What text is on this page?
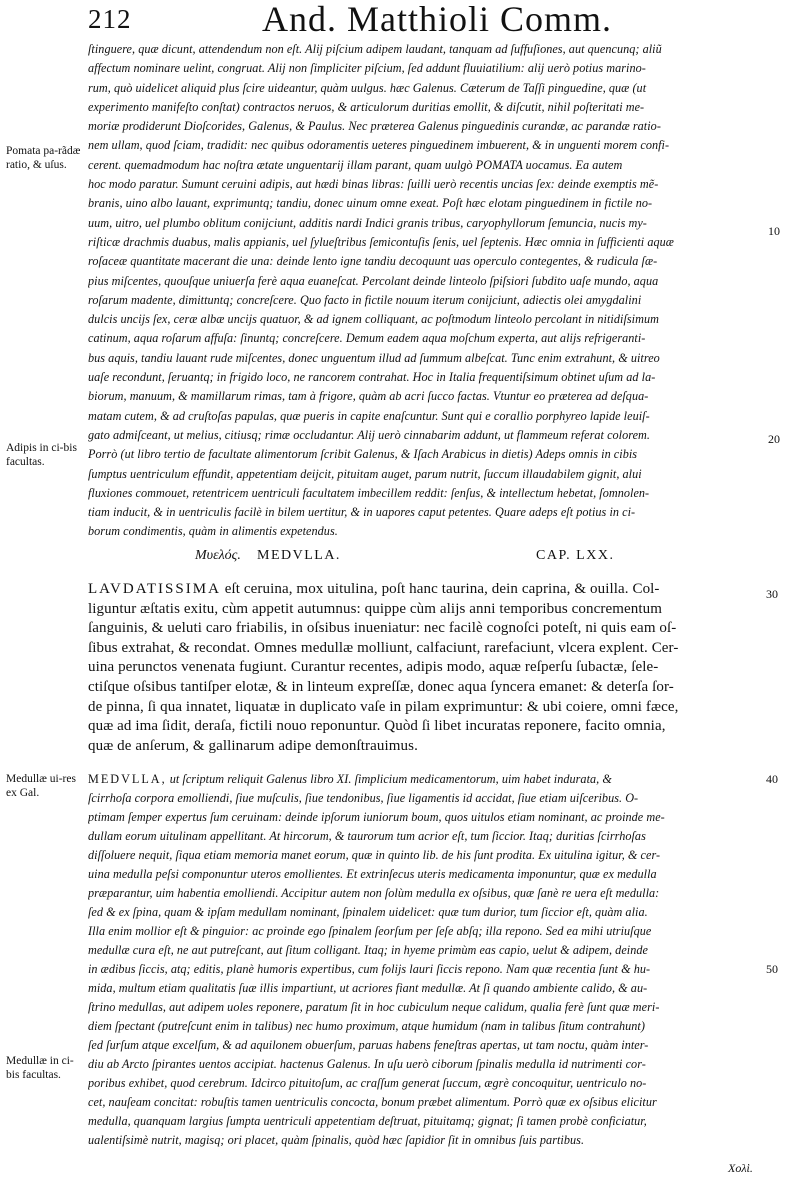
212	And. Matthioli Comm.
ſtinguere, quæ dicunt, attendendum non eſt. Alij piſcium adipem laudant, tanquam ad ſuffuſiones, aut quencunq; aliũ
affectum nominare uelint, congruat. Alij non ſimpliciter piſcium, ſed addunt fluuiatilium: alij uerò potius marino-
rum, quò uidelicet aliquid plus ſcire uideantur, quàm uulgus. hæc Galenus. Cæterum de Taſſi pinguedine, quæ (ut
experimento manifeſto conſtat) contractos neruos, & articulorum duritias emollit, & diſcutit, nihil poſteritati me-
moriæ prodiderunt Dioſcorides, Galenus, & Paulus. Nec præterea Galenus pinguedinis curandæ, ac parandæ ratio-
nem ullam, quod ſciam, tradidit: nec quibus odoramentis ueteres pinguedinem imbuerent, & in unguenti morem confi-
cerent. quemadmodum hac noſtra ætate unguentarij illam parant, quam uulgò POMATA uocamus. Ea autem
hoc modo paratur. Sumunt ceruini adipis, aut hædi binas libras: ſuilli uerò recentis uncias ſex: deinde exemptis mẽ-
branis, uino albo lauant, exprimuntq; tandiu, donec uinum omne exeat. Poſt hæc elotam pinguedinem in fictile no-
uum, uitro, uel plumbo oblitum conijciunt, additis nardi Indici granis tribus, caryophyllorum ſemuncia, nucis my-
riſticæ drachmis duabus, malis appianis, uel ſylueſtribus ſemicontuſis ſenis, uel ſeptenis. Hæc omnia in ſufficienti aquæ
roſaceæ quantitate macerant die una: deinde lento igne tandiu decoquunt uas operculo contegentes, & rudicula ſæ-
pius miſcentes, quouſque uniuerſa ferè aqua euaneſcat. Percolant deinde linteolo ſpiſsiori ſubdito uaſe mundo, aqua
roſarum madente, dimittuntq; concreſcere. Quo facto in fictile nouum iterum conijciunt, adiectis olei amygdalini
dulcis uncijs ſex, ceræ albæ uncijs quatuor, & ad ignem colliquant, ac poſtmodum linteolo percolant in nitidiſsimum
catinum, aqua roſarum affuſa: ſinuntq; concreſcere. Demum eadem aqua moſchum experta, aut alijs refrigeranti-
bus aquis, tandiu lauant rude miſcentes, donec unguentum illud ad ſummum albeſcat. Tunc enim extrahunt, & uitreo
uaſe recondunt, ſeruantq; in frigido loco, ne rancorem contrahat. Hoc in Italia frequentiſsimum obtinet uſum ad la-
biorum, manuum, & mamillarum rimas, tam à frigore, quàm ab acri ſucco factas. Vtuntur eo præterea ad deſqua-
matam cutem, & ad cruſtoſas papulas, quæ pueris in capite enaſcuntur. Sunt qui e corallio porphyreo lapide leuiſ-
gato admiſceant, ut melius, citiusq; rimæ occludantur. Alij uerò cinnabarim addunt, ut flammeum referat colorem.
Porrò (ut libro tertio de facultate alimentorum ſcribit Galenus, & Iſach Arabicus in dietis) Adeps omnis in cibis
ſumptus uentriculum effundit, appetentiam deijcit, pituitam auget, parum nutrit, ſuccum illaudabilem gignit, alui
fluxiones commouet, retentricem uentriculi facultatem imbecillem reddit: ſenſus, & intellectum hebetat, ſomnolen-
tiam inducit, & in uentriculis facilè in bilem uertitur, & in uapores caput petentes. Quare adeps eſt potius in ci-
borum condimentis, quàm in alimentis expetendus.
Μυελός. MEDVLLA.	CAP. LXX.
LAVDATISSIMA eſt ceruina, mox uitulina, poſt hanc taurina, dein caprina, & ouilla. Col-
liguntur æſtatis exitu, cùm appetit autumnus: quippe cùm alijs anni temporibus concrementum
ſanguinis, & ueluti caro friabilis, in oſsibus inueniatur: nec facilè cognoſci poteſt, ni quis eam oſ-
ſibus extrahat, & recondat. Omnes medullæ molliunt, calfaciunt, rarefaciunt, vlcera explent. Cer-
uina perunctos venenata fugiunt. Curantur recentes, adipis modo, aquæ reſperſu ſubactæ, ſele-
ctiſque oſsibus tantiſper elotæ, & in linteum expreſſæ, donec aqua ſyncera emanet: & deterſa ſor-
de pinna, ſi qua innatet, liquatæ in duplicato vaſe in pilam exprimuntur: & ubi coiere, omni fæce,
quæ ad ima ſidit, deraſa, fictili nouo reponuntur. Quòd ſi libet incuratas reponere, facito omnia,
quæ de anſerum, & gallinarum adipe demonſtrauimus.
MEDVLLA, ut ſcriptum reliquit Galenus libro XI. ſimplicium medicamentorum, uim habet indurata, &
ſcirrhoſa corpora emolliendi, ſiue muſculis, ſiue tendonibus, ſiue ligamentis id accidat, ſiue etiam uiſceribus. O-
ptimam ſemper expertus ſum ceruinam: deinde ipſorum iuniorum boum, quos uitulos etiam nominant, ac proinde me-
dullam eorum uitulinam appellitant. At hircorum, & taurorum tum acrior eſt, tum ſiccior. Itaq; duritias ſcirrhoſas
diſſoluere nequit, ſiqua etiam memoria manet eorum, quæ in quinto lib. de his ſunt prodita. Ex uitulina igitur, & cer-
uina medulla peſsi componuntur uteros emollientes. Et extrinſecus uteris medicamenta imponuntur, quæ ex medulla
præparantur, uim habentia emolliendi. Accipitur autem non ſolùm medulla ex oſsibus, quæ ſanè re uera eſt medulla:
ſed & ex ſpina, quam & ipſam medullam nominant, ſpinalem uidelicet: quæ tum durior, tum ſiccior eſt, quàm alia.
Illa enim mollior eſt & pinguior: ac proinde ego ſpinalem ſeorſum per ſeſe abſq; illa repono. Sed ea mihi utriuſque
medullæ cura eſt, ne aut putreſcant, aut ſitum colligant. Itaq; in hyeme primùm eas capio, uelut & adipem, deinde
in ædibus ſiccis, atq; editis, planè humoris expertibus, cum folijs lauri ſiccis repono. Nam quæ recentia ſunt & hu-
mida, multum etiam qualitatis ſuæ illis impartiunt, ut acriores fiant medullæ. At ſi quando ambiente calido, & au-
ſtrino medullas, aut adipem uoles reponere, paratum ſit in hoc cubiculum neque calidum, qualia ferè ſunt quæ meri-
diem ſpectant (putreſcunt enim in talibus) nec humo proximum, atque humidum (nam in talibus ſitum contrahunt)
ſed ſurſum atque excelſum, & ad aquilonem obuerſum, paruas habens feneſtras apertas, ut tam noctu, quàm inter-
diu ab Arcto ſpirantes uentos accipiat. hactenus Galenus. In uſu uerò ciborum ſpinalis medulla id nutrimenti cor-
poribus exhibet, quod cerebrum. Idcirco pituitoſum, ac craſſum generat ſuccum, ægrè concoquitur, uentriculo no-
cet, nauſeam concitat: robuſtis tamen uentriculis concocta, bonum præbet alimentum. Porrò quæ ex oſsibus elicitur
medulla, quanquam largius ſumpta uentriculi appetentiam deſtruat, pituitamq; gignat; ſi tamen probè conficiatur,
ualentiſsimè nutrit, magisq; ori placet, quàm ſpinalis, quòd hæc ſapidior ſit in omnibus ſuis partibus.
Pomata pa-rãdæ ratio, & uſus.
Adipis in ci-bis facultas.
Medullæ ui-res ex Gal.
Medullæ in ci-bis facultas.
10
20
30
40
50
Xoλὶ.
